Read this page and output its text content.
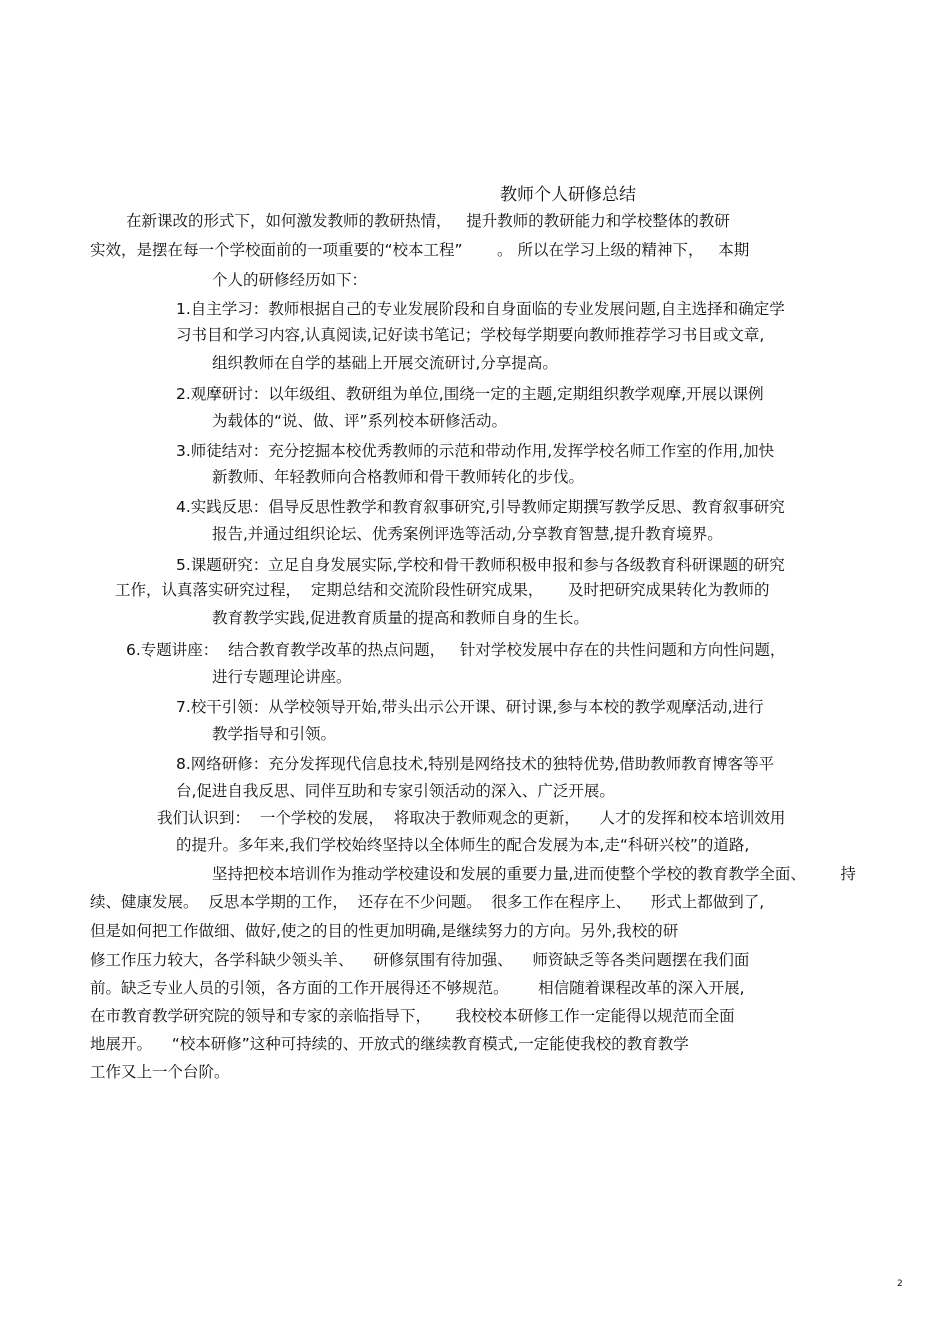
教师个人研修总结

在新课改的形式下，如何激发教师的教研热情，   提升教师的教研能力和学校整体的教研

实效，是摆在每一个学校面前的一项重要的“校本工程”       。 所以在学习上级的精神下，   本期

个人的研修经历如下：

1.自主学习：教师根据自己的专业发展阶段和自身面临的专业发展问题,自主选择和确定学

习书目和学习内容,认真阅读,记好读书笔记；学校每学期要向教师推荐学习书目或文章,

组织教师在自学的基础上开展交流研讨,分享提高。

2.观摩研讨：以年级组、教研组为单位,围绕一定的主题,定期组织教学观摩,开展以课例

为载体的“说、做、评”系列校本研修活动。

3.师徒结对：充分挖掘本校优秀教师的示范和带动作用,发挥学校名师工作室的作用,加快

新教师、年轻教师向合格教师和骨干教师转化的步伐。

4.实践反思：倡导反思性教学和教育叙事研究,引导教师定期撰写教学反思、教育叙事研究

报告,并通过组织论坛、优秀案例评选等活动,分享教育智慧,提升教育境界。

5.课题研究：立足自身发展实际,学校和骨干教师积极申报和参与各级教育科研课题的研究

工作，认真落实研究过程，  定期总结和交流阶段性研究成果，     及时把研究成果转化为教师的

教育教学实践,促进教育质量的提高和教师自身的生长。

6.专题讲座：  结合教育教学改革的热点问题，   针对学校发展中存在的共性问题和方向性问题，

进行专题理论讲座。

7.校干引领：从学校领导开始,带头出示公开课、研讨课,参与本校的教学观摩活动,进行

教学指导和引领。

8.网络研修：充分发挥现代信息技术,特别是网络技术的独特优势,借助教师教育博客等平

台,促进自我反思、同伴互助和专家引领活动的深入、广泛开展。

我们认识到：  一个学校的发展，  将取决于教师观念的更新，    人才的发挥和校本培训效用

的提升。多年来,我们学校始终坚持以全体师生的配合发展为本,走“科研兴校”的道路,

坚持把校本培训作为推动学校建设和发展的重要力量,进而使整个学校的教育教学全面、       持

续、健康发展。  反思本学期的工作，  还存在不少问题。  很多工作在程序上、    形式上都做到了,

但是如何把工作做细、做好,使之的目的性更加明确,是继续努力的方向。另外,我校的研

修工作压力较大，各学科缺少领头羊、    研修氛围有待加强、    师资缺乏等各类问题摆在我们面

前。缺乏专业人员的引领，各方面的工作开展得还不够规范。      相信随着课程改革的深入开展,

在市教育教学研究院的领导和专家的亲临指导下，     我校校本研修工作一定能得以规范而全面

地展开。    “校本研修”这种可持续的、开放式的继续教育模式,一定能使我校的教育教学

工作又上一个台阶。

2
